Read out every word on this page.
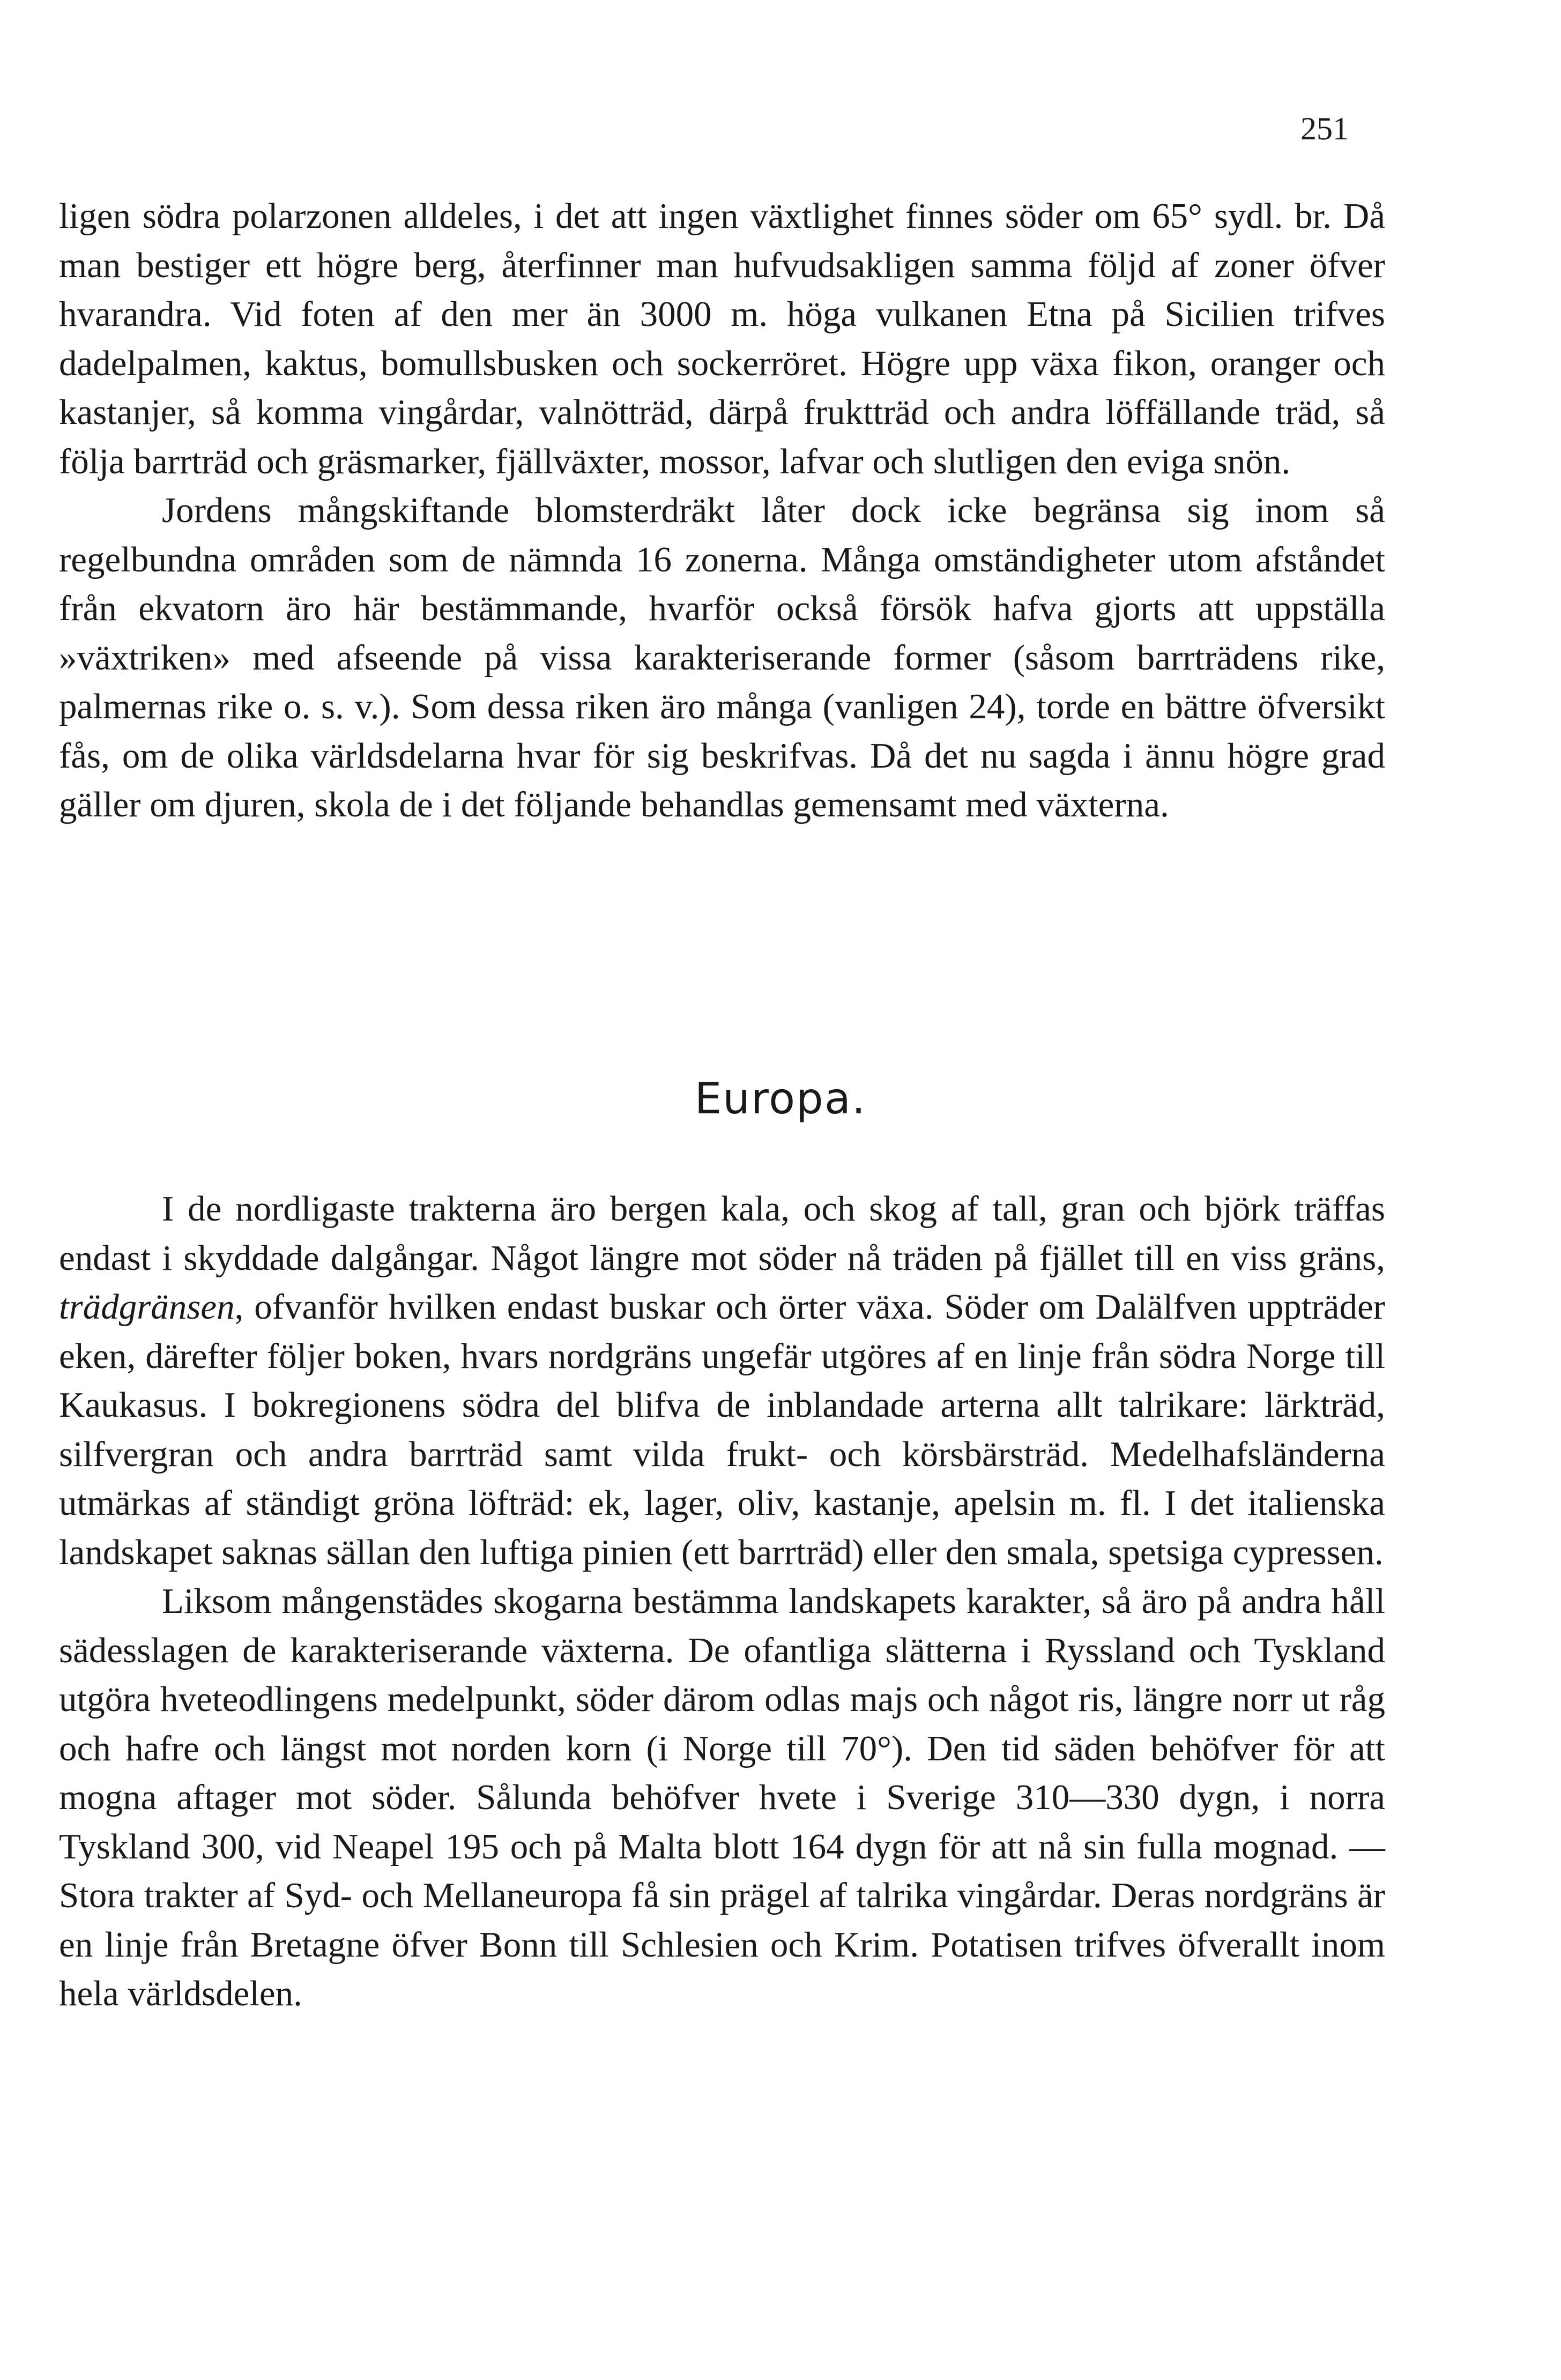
251

ligen södra polarzonen alldeles, i det att ingen växtlighet finnes söder om 65° sydl. br. Då man bestiger ett högre berg, återfinner man hufvudsakligen samma följd af zoner öfver hvarandra. Vid foten af den mer än 3000 m. höga vulkanen Etna på Sicilien trifves dadelpalmen, kaktus, bomullsbusken och sockerröret. Högre upp växa fikon, oranger och kastanjer, så komma vingårdar, valnötträd, därpå fruktträd och andra löffällande träd, så följa barrträd och gräsmarker, fjällväxter, mossor, lafvar och slutligen den eviga snön.

Jordens mångskiftande blomsterdräkt låter dock icke begränsa sig inom så regelbundna områden som de nämnda 16 zonerna. Många omständigheter utom afståndet från ekvatorn äro här bestämmande, hvarför också försök hafva gjorts att uppställa »växtriken» med afseende på vissa karakteriserande former (såsom barrträdens rike, palmernas rike o. s. v.). Som dessa riken äro många (vanligen 24), torde en bättre öfversikt fås, om de olika världsdelarna hvar för sig beskrifvas. Då det nu sagda i ännu högre grad gäller om djuren, skola de i det följande behandlas gemensamt med växterna.

Europa.

I de nordligaste trakterna äro bergen kala, och skog af tall, gran och björk träffas endast i skyddade dalgångar. Något längre mot söder nå träden på fjället till en viss gräns, trädgränsen, ofvanför hvilken endast buskar och örter växa. Söder om Dalälfven uppträder eken, därefter följer boken, hvars nordgräns ungefär utgöres af en linje från södra Norge till Kaukasus. I bokregionens södra del blifva de inblandade arterna allt talrikare: lärkträd, silfvergran och andra barrträd samt vilda frukt- och körsbärsträd. Medelhafsländerna utmärkas af ständigt gröna löfträd: ek, lager, oliv, kastanje, apelsin m. fl. I det italienska landskapet saknas sällan den luftiga pinien (ett barrträd) eller den smala, spetsiga cypressen.

Liksom mångenstädes skogarna bestämma landskapets karakter, så äro på andra håll sädesslagen de karakteriserande växterna. De ofantliga slätterna i Ryssland och Tyskland utgöra hveteodlingens medelpunkt, söder därom odlas majs och något ris, längre norr ut råg och hafre och längst mot norden korn (i Norge till 70°). Den tid säden behöfver för att mogna aftager mot söder. Sålunda behöfver hvete i Sverige 310—330 dygn, i norra Tyskland 300, vid Neapel 195 och på Malta blott 164 dygn för att nå sin fulla mognad. — Stora trakter af Syd- och Mellaneuropa få sin prägel af talrika vingårdar. Deras nordgräns är en linje från Bretagne öfver Bonn till Schlesien och Krim. Potatisen trifves öfverallt inom hela världsdelen.
